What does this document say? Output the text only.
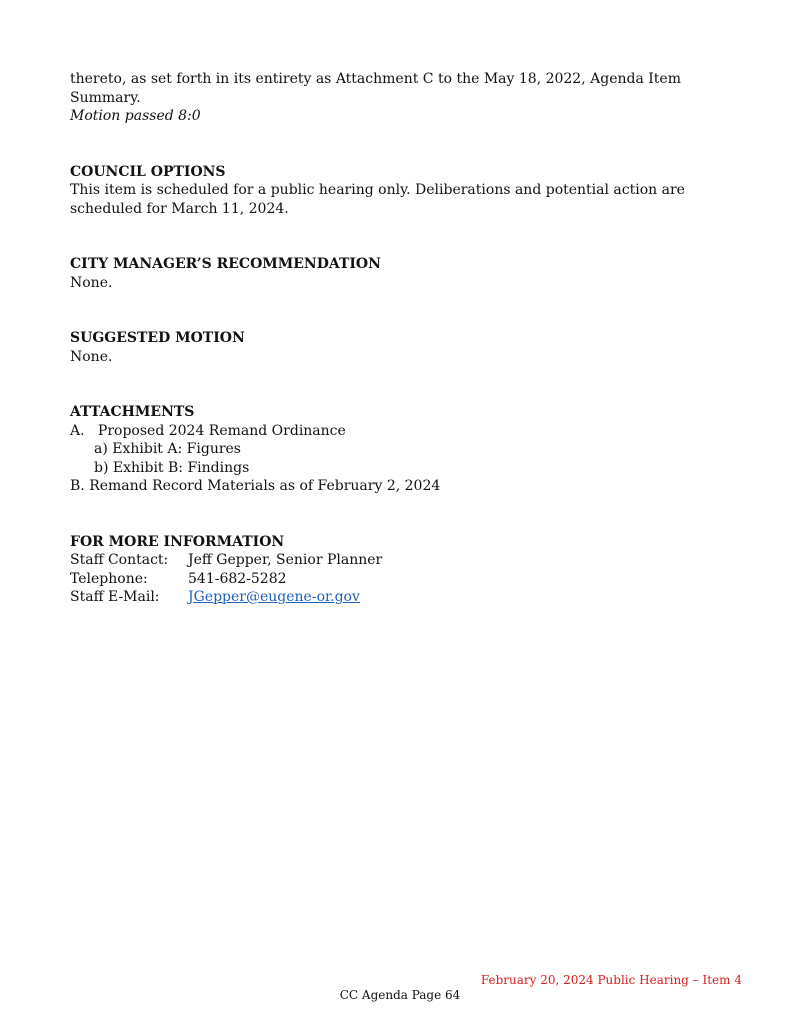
thereto, as set forth in its entirety as Attachment C to the May 18, 2022, Agenda Item Summary.

Motion passed 8:0

COUNCIL OPTIONS

This item is scheduled for a public hearing only. Deliberations and potential action are scheduled for March 11, 2024.

CITY MANAGER’S RECOMMENDATION

None.

SUGGESTED MOTION

None.

ATTACHMENTS

A.   Proposed 2024 Remand Ordinance
a) Exhibit A: Figures
b) Exhibit B: Findings
B. Remand Record Materials as of February 2, 2024

FOR MORE INFORMATION

Staff Contact:	Jeff Gepper, Senior Planner
Telephone:	541-682-5282
Staff E-Mail:	JGepper@eugene-or.gov
February 20, 2024 Public Hearing – Item 4
CC Agenda Page 64
